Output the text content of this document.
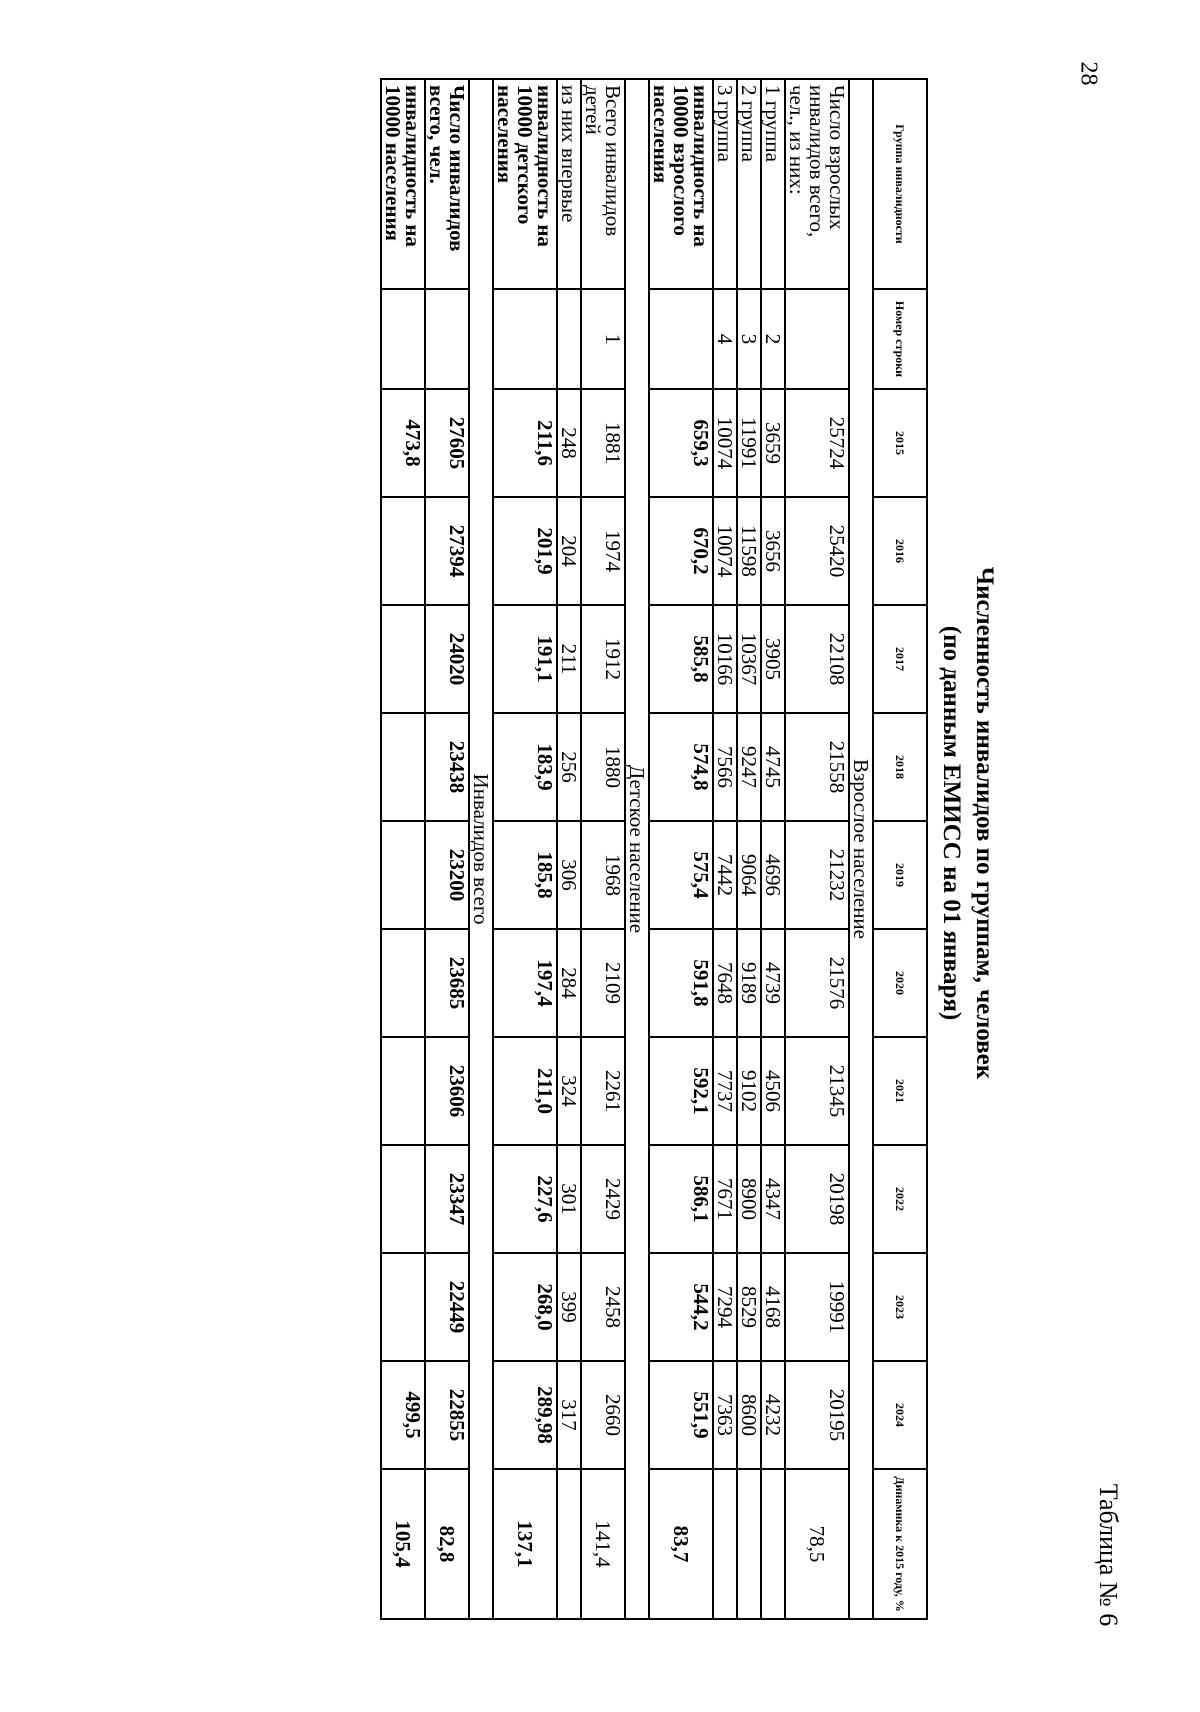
28
Таблица № 6
Численность инвалидов по группам, человек
(по данным ЕМИСС на 01 января)
Группа инвалидности	Номер строки	2015	2016	2017	2018	2019	2020	2021	2022	2023	2024	Динамика к 2015 году, %
Взрослое население												
Число взрослых инвалидов всего, чел., из них:		25724	25420	22108	21558	21232	21576	21345	20198	19991	20195	78,5
1 группа	2	3659	3656	3905	4745	4696	4739	4506	4347	4168	4232	
2 группа	3	11991	11598	10367	9247	9064	9189	9102	8900	8529	8600	
3 группа	4	10074	10074	10166	7566	7442	7648	7737	7671	7294	7363	
инвалидность на 10000 взрослого населения		659,3	670,2	585,8	574,8	575,4	591,8	592,1	586,1	544,2	551,9	83,7
Детское население												
Всего инвалидов детей	1	1881	1974	1912	1880	1968	2109	2261	2429	2458	2660	141,4
из них впервые		248	204	211	256	306	284	324	301	399	317	
инвалидность на 10000 детского населения		211,6	201,9	191,1	183,9	185,8	197,4	211,0	227,6	268,0	289,98	137,1
Инвалидов всего												
Число инвалидов всего, чел.		27605	27394	24020	23438	23200	23685	23606	23347	22449	22855	82,8
инвалидность на 10000 населения		473,8									499,5	105,4
